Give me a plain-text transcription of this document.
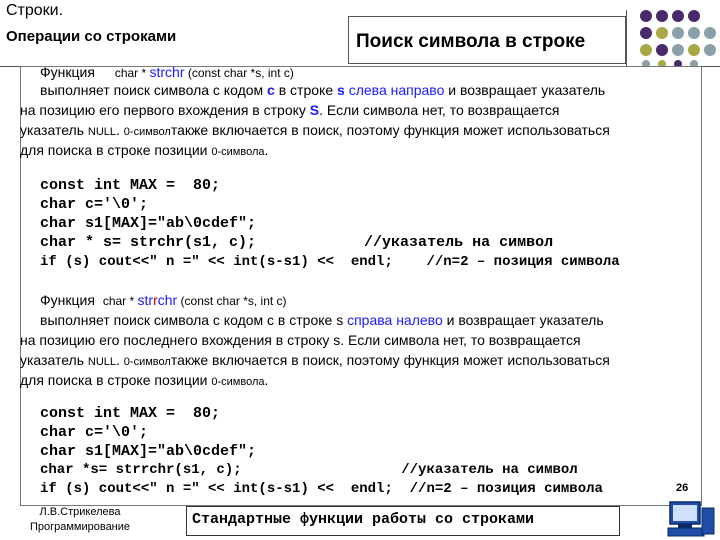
Строки.
Операции со строками	Поиск символа в строке
Функция char * strchr (const char *s, int c)
выполняет поиск символа с кодом c в строке s слева направо и возвращает указатель
на позицию его первого вхождения в строку S. Если символа нет, то возвращается
указатель NULL. 0-символтакже включается в поиск, поэтому функция может использоваться
для поиска в строке позиции 0-символа.
const int MAX =  80;
char c='\0';
char s1[MAX]="ab\0cdef";
char * s= strchr(s1, c);            //указатель на символ
if (s) cout<<" n =" << int(s-s1) <<  endl;    //n=2 – позиция символа
Функция char * strrchr (const char *s, int c)
выполняет поиск символа с кодом с в строке s справа налево и возвращает указатель
на позицию его последнего вхождения в строку s. Если символа нет, то возвращается
указатель NULL. 0-символтакже включается в поиск, поэтому функция может использоваться
для поиска в строке позиции 0-символа.
const int MAX =  80;
char c='\0';
char s1[MAX]="ab\0cdef";
char *s= strrchr(s1, c);                   //указатель на символ
if (s) cout<<" n =" << int(s-s1) <<  endl;  //n=2 – позиция символа
Л.В.Стрикелева
Программирование	Стандартные функции работы со строками
26
